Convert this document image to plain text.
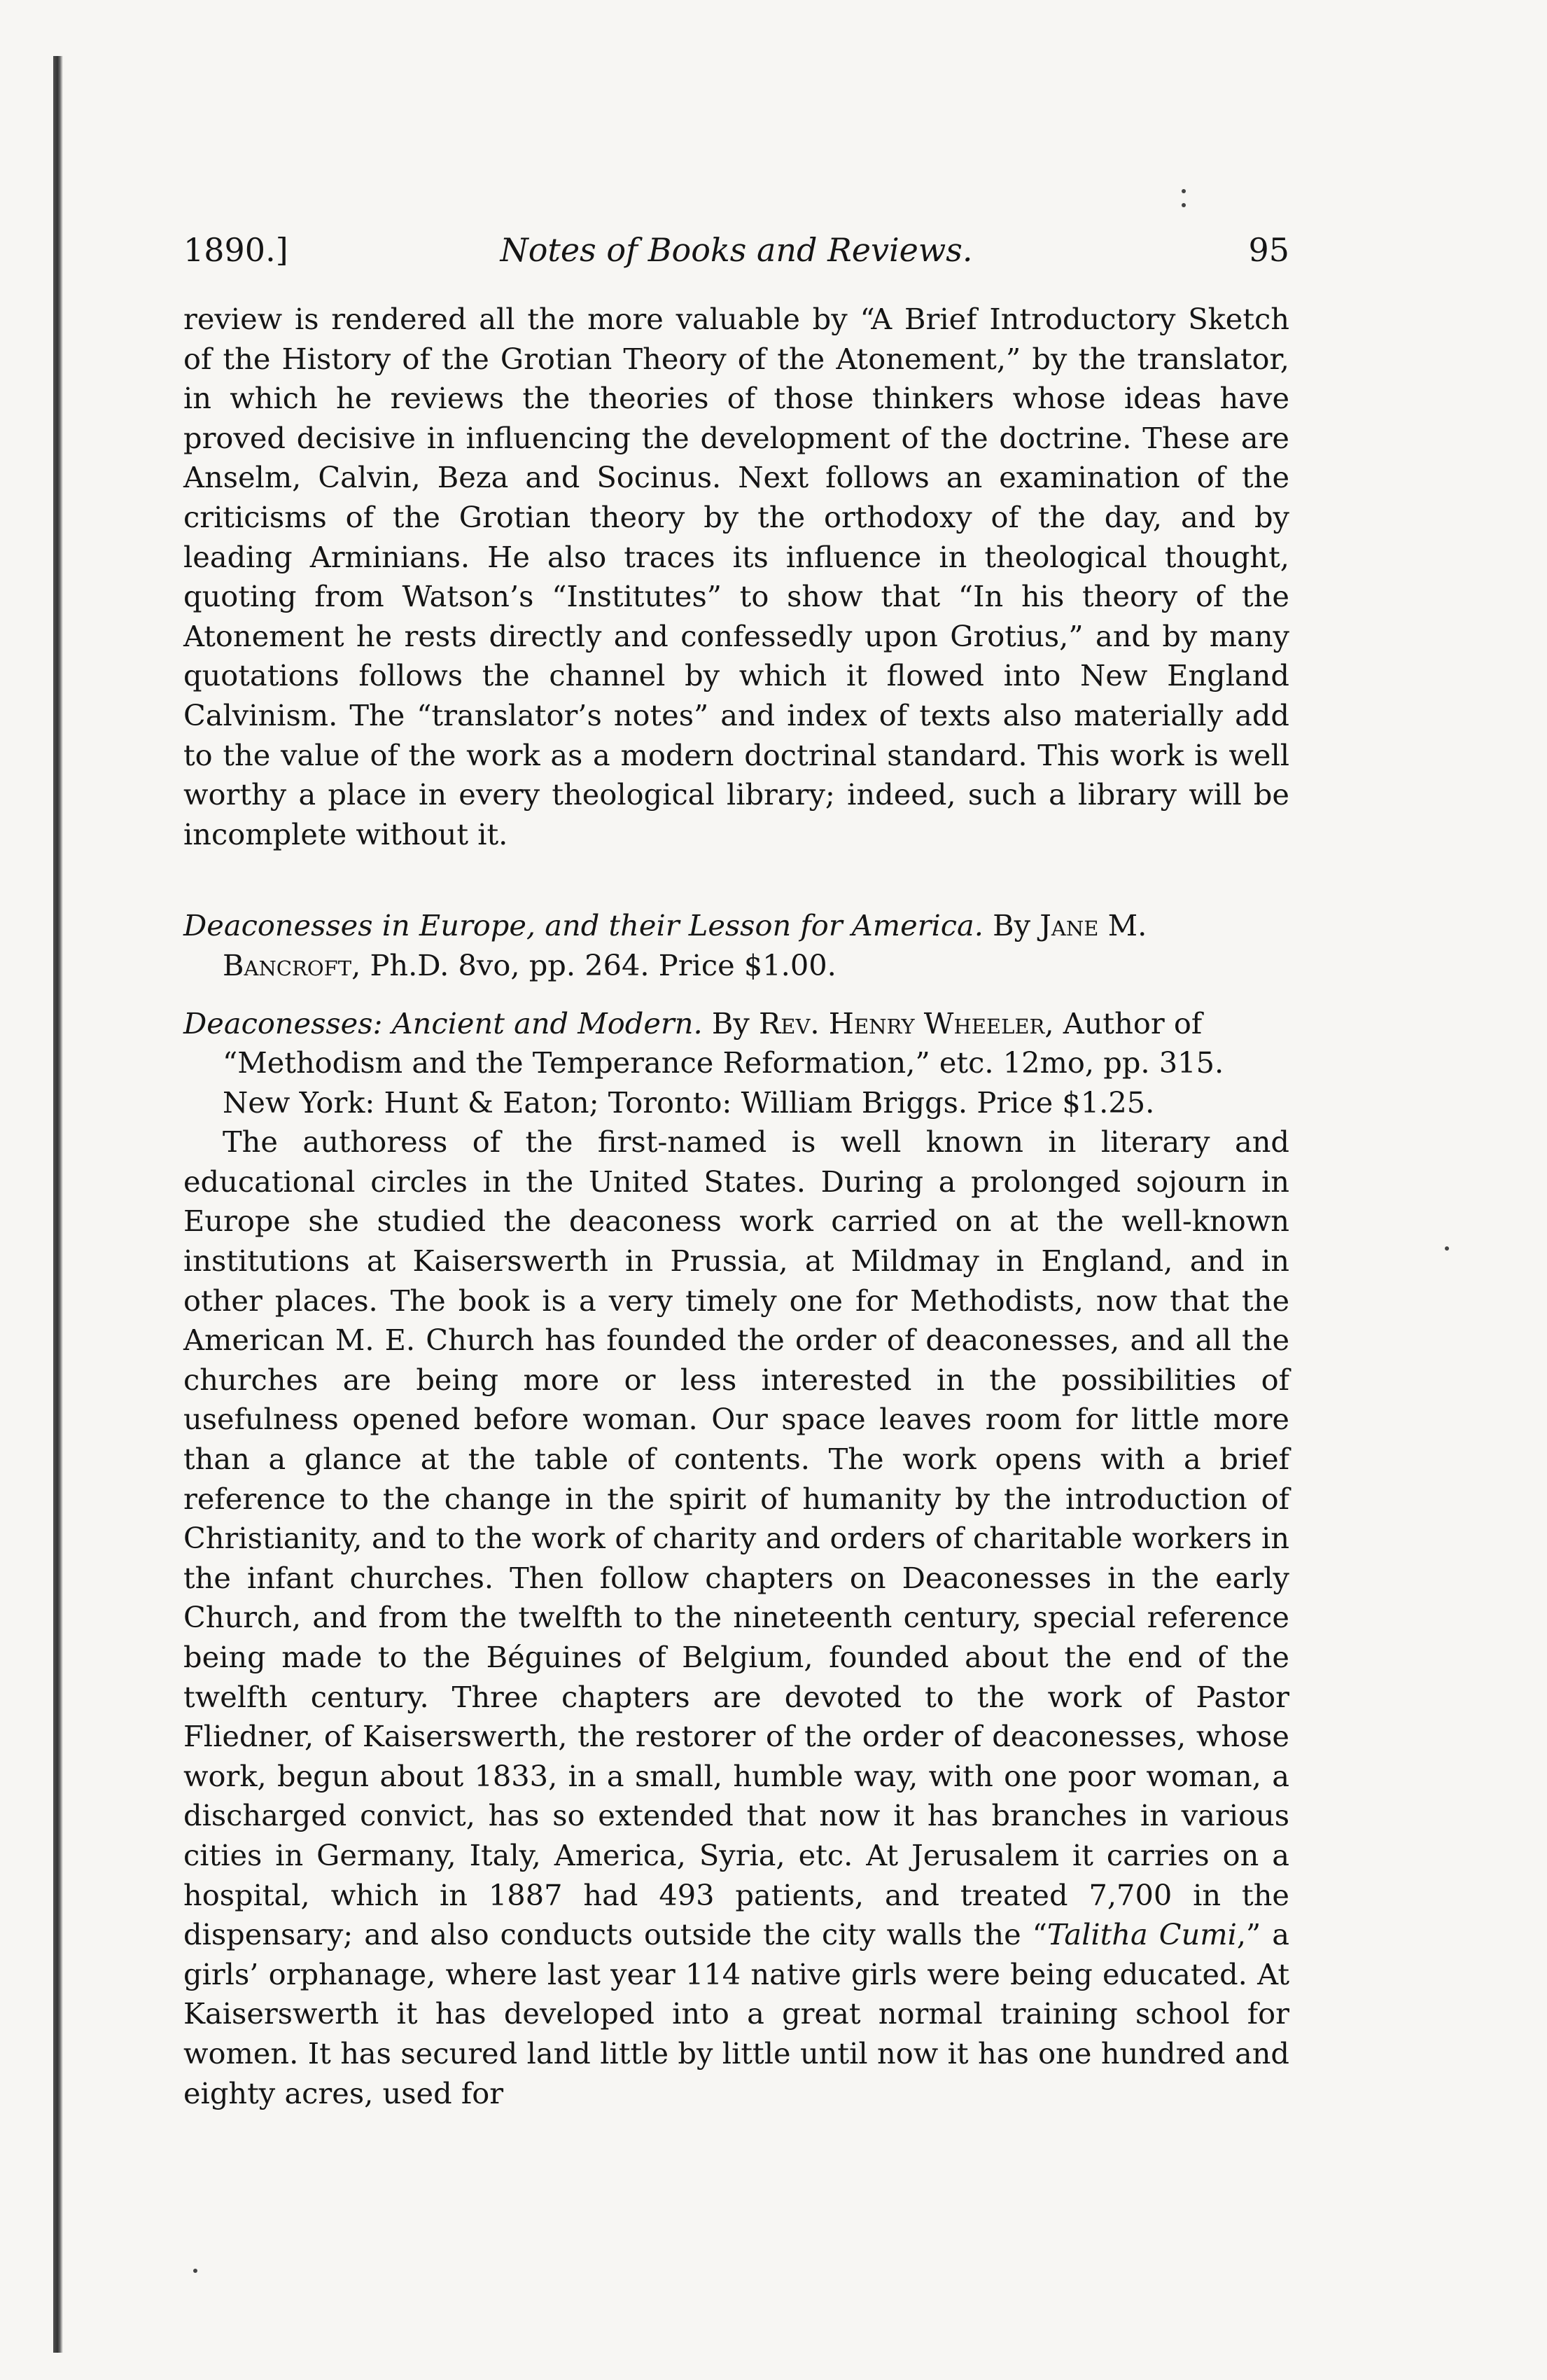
1890.]	Notes of Books and Reviews.	95

review is rendered all the more valuable by “A Brief Introductory Sketch of the History of the Grotian Theory of the Atonement,” by the translator, in which he reviews the theories of those thinkers whose ideas have proved decisive in influencing the development of the doctrine. These are Anselm, Calvin, Beza and Socinus. Next follows an examination of the criticisms of the Grotian theory by the orthodoxy of the day, and by leading Arminians. He also traces its influence in theological thought, quoting from Watson’s “Institutes” to show that “In his theory of the Atonement he rests directly and confessedly upon Grotius,” and by many quotations follows the channel by which it flowed into New England Calvinism. The “translator’s notes” and index of texts also materially add to the value of the work as a modern doctrinal standard. This work is well worthy a place in every theological library; indeed, such a library will be incomplete without it.

Deaconesses in Europe, and their Lesson for America. By Jane M. Bancroft, Ph.D. 8vo, pp. 264. Price $1.00.

Deaconesses: Ancient and Modern. By Rev. Henry Wheeler, Author of “Methodism and the Temperance Reformation,” etc. 12mo, pp. 315. New York: Hunt & Eaton; Toronto: William Briggs. Price $1.25.

The authoress of the first-named is well known in literary and educational circles in the United States. During a prolonged sojourn in Europe she studied the deaconess work carried on at the well-known institutions at Kaiserswerth in Prussia, at Mildmay in England, and in other places. The book is a very timely one for Methodists, now that the American M. E. Church has founded the order of deaconesses, and all the churches are being more or less interested in the possibilities of usefulness opened before woman. Our space leaves room for little more than a glance at the table of contents. The work opens with a brief reference to the change in the spirit of humanity by the introduction of Christianity, and to the work of charity and orders of charitable workers in the infant churches. Then follow chapters on Deaconesses in the early Church, and from the twelfth to the nineteenth century, special reference being made to the Béguines of Belgium, founded about the end of the twelfth century. Three chapters are devoted to the work of Pastor Fliedner, of Kaiserswerth, the restorer of the order of deaconesses, whose work, begun about 1833, in a small, humble way, with one poor woman, a discharged convict, has so extended that now it has branches in various cities in Germany, Italy, America, Syria, etc. At Jerusalem it carries on a hospital, which in 1887 had 493 patients, and treated 7,700 in the dispensary; and also conducts outside the city walls the “Talitha Cumi,” a girls’ orphanage, where last year 114 native girls were being educated. At Kaiserswerth it has developed into a great normal training school for women. It has secured land little by little until now it has one hundred and eighty acres, used for
